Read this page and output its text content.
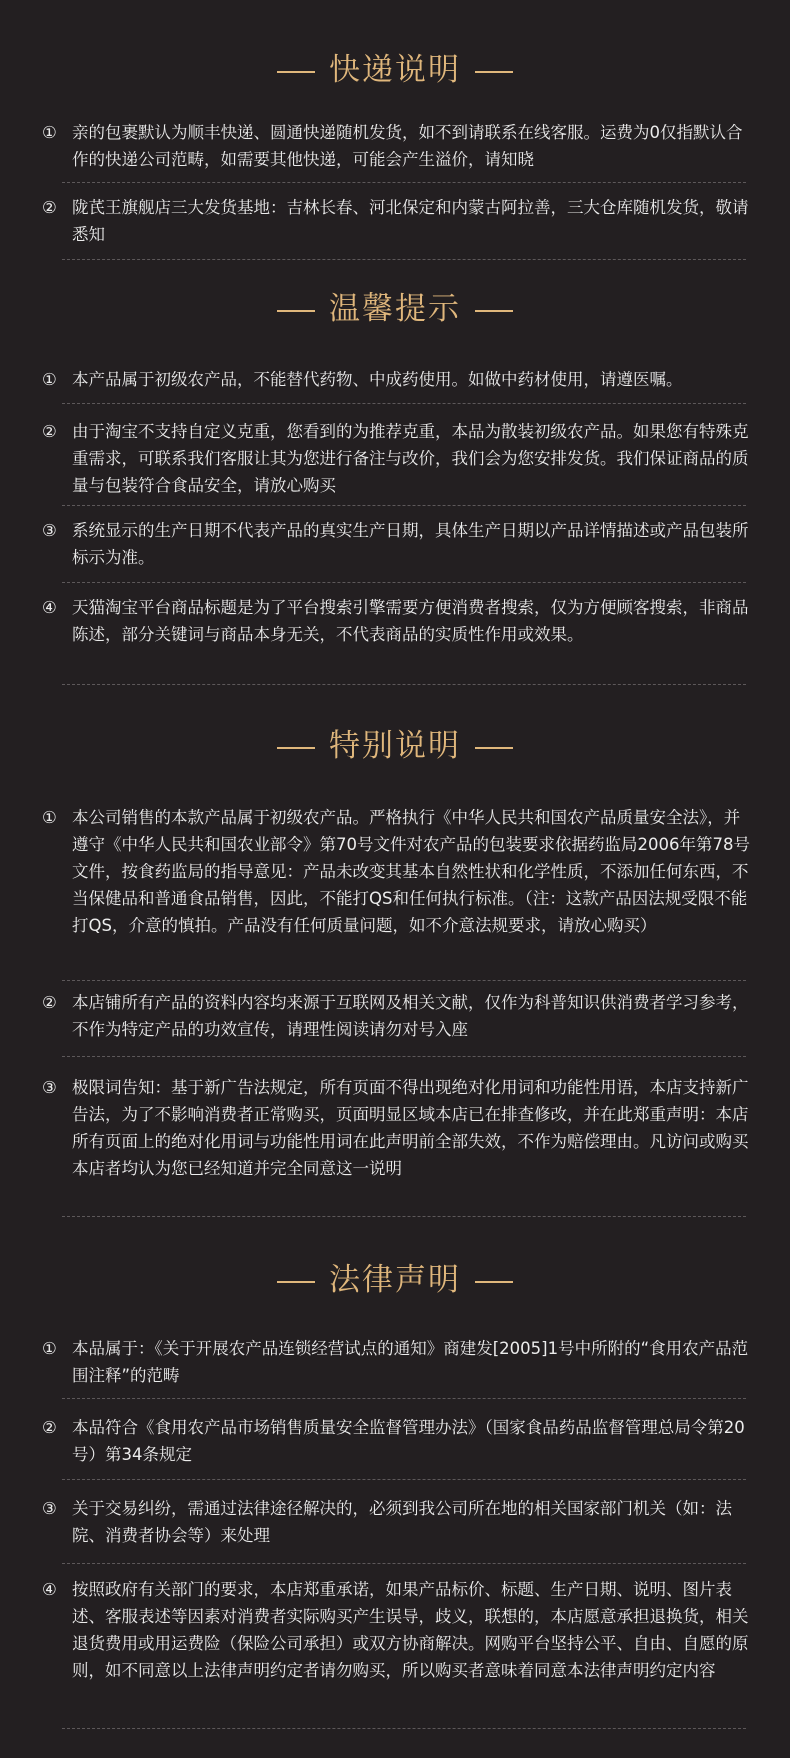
快递说明
① 亲的包裹默认为顺丰快递、圆通快递随机发货，如不到请联系在线客服。运费为0仅指默认合作的快递公司范畴，如需要其他快递，可能会产生溢价，请知晓
② 陇芪王旗舰店三大发货基地：吉林长春、河北保定和内蒙古阿拉善，三大仓库随机发货，敬请悉知
温馨提示
① 本产品属于初级农产品，不能替代药物、中成药使用。如做中药材使用，请遵医嘱。
② 由于淘宝不支持自定义克重，您看到的为推荐克重，本品为散装初级农产品。如果您有特殊克重需求，可联系我们客服让其为您进行备注与改价，我们会为您安排发货。我们保证商品的质量与包装符合食品安全，请放心购买
③ 系统显示的生产日期不代表产品的真实生产日期，具体生产日期以产品详情描述或产品包装所标示为准。
④ 天猫淘宝平台商品标题是为了平台搜索引擎需要方便消费者搜索，仅为方便顾客搜索，非商品陈述，部分关键词与商品本身无关，不代表商品的实质性作用或效果。
特别说明
① 本公司销售的本款产品属于初级农产品。严格执行《中华人民共和国农产品质量安全法》，并遵守《中华人民共和国农业部令》第70号文件对农产品的包装要求依据药监局2006年第78号文件，按食药监局的指导意见：产品未改变其基本自然性状和化学性质，不添加任何东西，不当保健品和普通食品销售，因此，不能打QS和任何执行标准。（注：这款产品因法规受限不能打QS，介意的慎拍。产品没有任何质量问题，如不介意法规要求，请放心购买）
② 本店铺所有产品的资料内容均来源于互联网及相关文献，仅作为科普知识供消费者学习参考，不作为特定产品的功效宣传，请理性阅读请勿对号入座
③ 极限词告知：基于新广告法规定，所有页面不得出现绝对化用词和功能性用语，本店支持新广告法，为了不影响消费者正常购买，页面明显区域本店已在排查修改，并在此郑重声明：本店所有页面上的绝对化用词与功能性用词在此声明前全部失效，不作为赔偿理由。凡访问或购买本店者均认为您已经知道并完全同意这一说明
法律声明
① 本品属于：《关于开展农产品连锁经营试点的通知》商建发[2005]1号中所附的“食用农产品范围注释”的范畴
② 本品符合《食用农产品市场销售质量安全监督管理办法》（国家食品药品监督管理总局令第20号）第34条规定
③ 关于交易纠纷，需通过法律途径解决的，必须到我公司所在地的相关国家部门机关（如：法院、消费者协会等）来处理
④ 按照政府有关部门的要求，本店郑重承诺，如果产品标价、标题、生产日期、说明、图片表述、客服表述等因素对消费者实际购买产生误导，歧义，联想的，本店愿意承担退换货，相关退货费用或用运费险（保险公司承担）或双方协商解决。网购平台坚持公平、自由、自愿的原则，如不同意以上法律声明约定者请勿购买，所以购买者意味着同意本法律声明约定内容
